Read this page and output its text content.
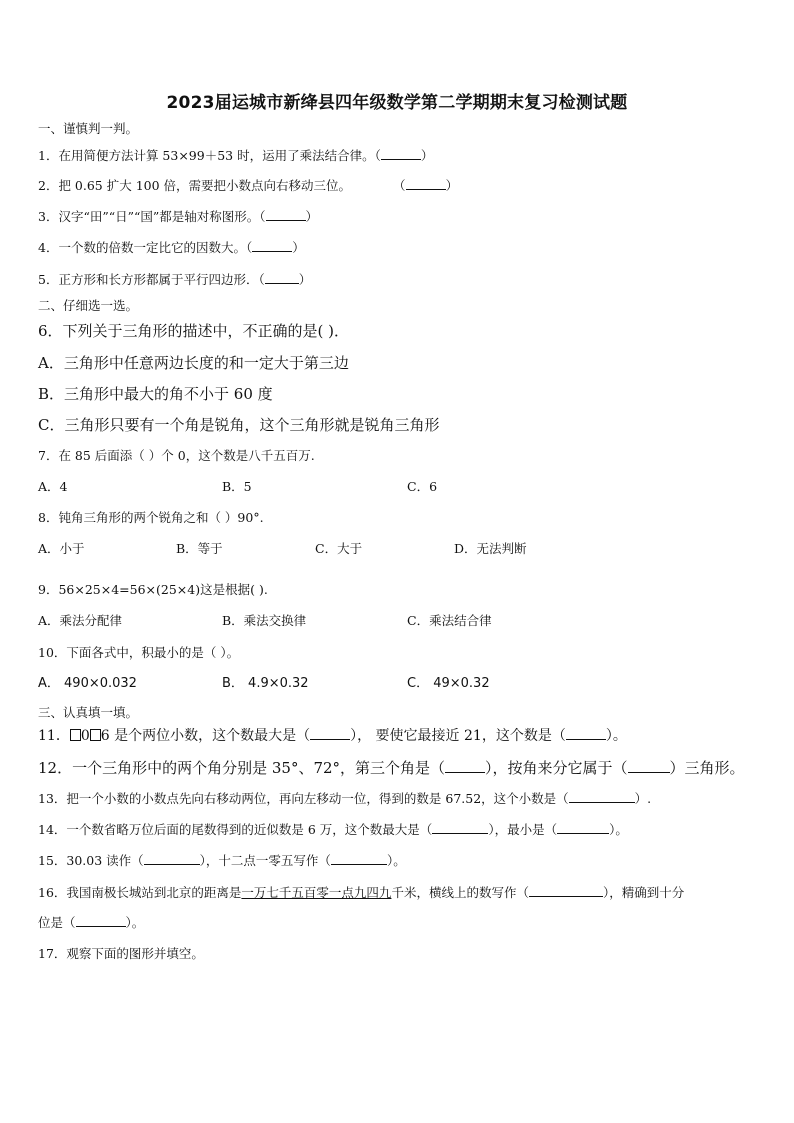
2023届运城市新绛县四年级数学第二学期期末复习检测试题
一、谨慎判一判。
1．在用简便方法计算 53×99＋53 时，运用了乘法结合律。（	）
2．把 0.65 扩大 100 倍，需要把小数点向右移动三位。	（	）
3．汉字“田”“日”“国”都是轴对称图形。（	）
4．一个数的倍数一定比它的因数大。（	）
5．正方形和长方形都属于平行四边形．（	）
二、仔细选一选。
6．下列关于三角形的描述中，不正确的是( )．
A．三角形中任意两边长度的和一定大于第三边
B．三角形中最大的角不小于 60 度
C．三角形只要有一个角是锐角，这个三角形就是锐角三角形
7．在 85 后面添（ ）个 0，这个数是八千五百万.
A．4	B．5	C．6
8．钝角三角形的两个锐角之和（ ）90°.
A．小于	B．等于	C．大于	D．无法判断
9．56×25×4=56×(25×4)这是根据( ).
A．乘法分配律	B．乘法交换律	C．乘法结合律
10．下面各式中，积最小的是（ ）。
A． 490×0.032	B． 4.9×0.32	C． 49×0.32
三、认真填一填。
11． 0 6 是个两位小数，这个数最大是（	）， 要使它最接近 21，这个数是（	）。
12．一个三角形中的两个角分别是 35°、72°，第三个角是（	），按角来分它属于（	）三角形。
13．把一个小数的小数点先向右移动两位，再向左移动一位，得到的数是 67.52，这个小数是（	）.
14．一个数省略万位后面的尾数得到的近似数是 6 万，这个数最大是（	），最小是（	）。
15．30.03 读作（	），十二点一零五写作（	）。
16．我国南极长城站到北京的距离是一万七千五百零一点九四九千米，横线上的数写作（	），精确到十分
位是（	）。
17．观察下面的图形并填空。
